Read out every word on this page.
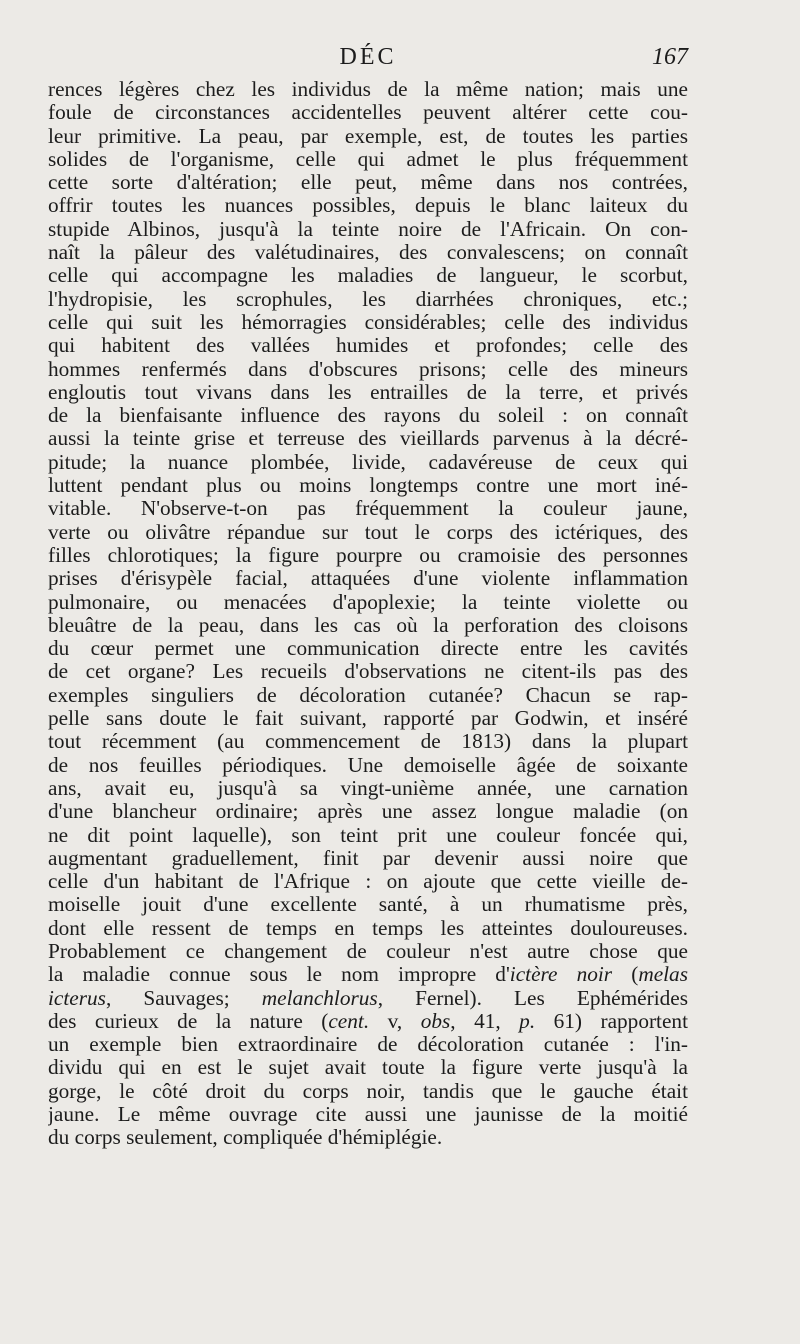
DÉC	167
rences légères chez les individus de la même nation; mais une
foule de circonstances accidentelles peuvent altérer cette cou-
leur primitive. La peau, par exemple, est, de toutes les parties
solides de l'organisme, celle qui admet le plus fréquemment
cette sorte d'altération; elle peut, même dans nos contrées,
offrir toutes les nuances possibles, depuis le blanc laiteux du
stupide Albinos, jusqu'à la teinte noire de l'Africain. On con-
naît la pâleur des valétudinaires, des convalescens; on connaît
celle qui accompagne les maladies de langueur, le scorbut,
l'hydropisie, les scrophules, les diarrhées chroniques, etc.;
celle qui suit les hémorragies considérables; celle des individus
qui habitent des vallées humides et profondes; celle des
hommes renfermés dans d'obscures prisons; celle des mineurs
engloutis tout vivans dans les entrailles de la terre, et privés
de la bienfaisante influence des rayons du soleil : on connaît
aussi la teinte grise et terreuse des vieillards parvenus à la décré-
pitude; la nuance plombée, livide, cadavéreuse de ceux qui
luttent pendant plus ou moins longtemps contre une mort iné-
vitable. N'observe-t-on pas fréquemment la couleur jaune,
verte ou olivâtre répandue sur tout le corps des ictériques, des
filles chlorotiques; la figure pourpre ou cramoisie des personnes
prises d'érisypèle facial, attaquées d'une violente inflammation
pulmonaire, ou menacées d'apoplexie; la teinte violette ou
bleuâtre de la peau, dans les cas où la perforation des cloisons
du cœur permet une communication directe entre les cavités
de cet organe? Les recueils d'observations ne citent-ils pas des
exemples singuliers de décoloration cutanée? Chacun se rap-
pelle sans doute le fait suivant, rapporté par Godwin, et inséré
tout récemment (au commencement de 1813) dans la plupart
de nos feuilles périodiques. Une demoiselle âgée de soixante
ans, avait eu, jusqu'à sa vingt-unième année, une carnation
d'une blancheur ordinaire; après une assez longue maladie (on
ne dit point laquelle), son teint prit une couleur foncée qui,
augmentant graduellement, finit par devenir aussi noire que
celle d'un habitant de l'Afrique : on ajoute que cette vieille de-
moiselle jouit d'une excellente santé, à un rhumatisme près,
dont elle ressent de temps en temps les atteintes douloureuses.
Probablement ce changement de couleur n'est autre chose que
la maladie connue sous le nom impropre d'ictère noir (melas
icterus, Sauvages; melanchlorus, Fernel). Les Ephémérides
des curieux de la nature (cent. v, obs, 41, p. 61) rapportent
un exemple bien extraordinaire de décoloration cutanée : l'in-
dividu qui en est le sujet avait toute la figure verte jusqu'à la
gorge, le côté droit du corps noir, tandis que le gauche était
jaune. Le même ouvrage cite aussi une jaunisse de la moitié
du corps seulement, compliquée d'hémiplégie.
